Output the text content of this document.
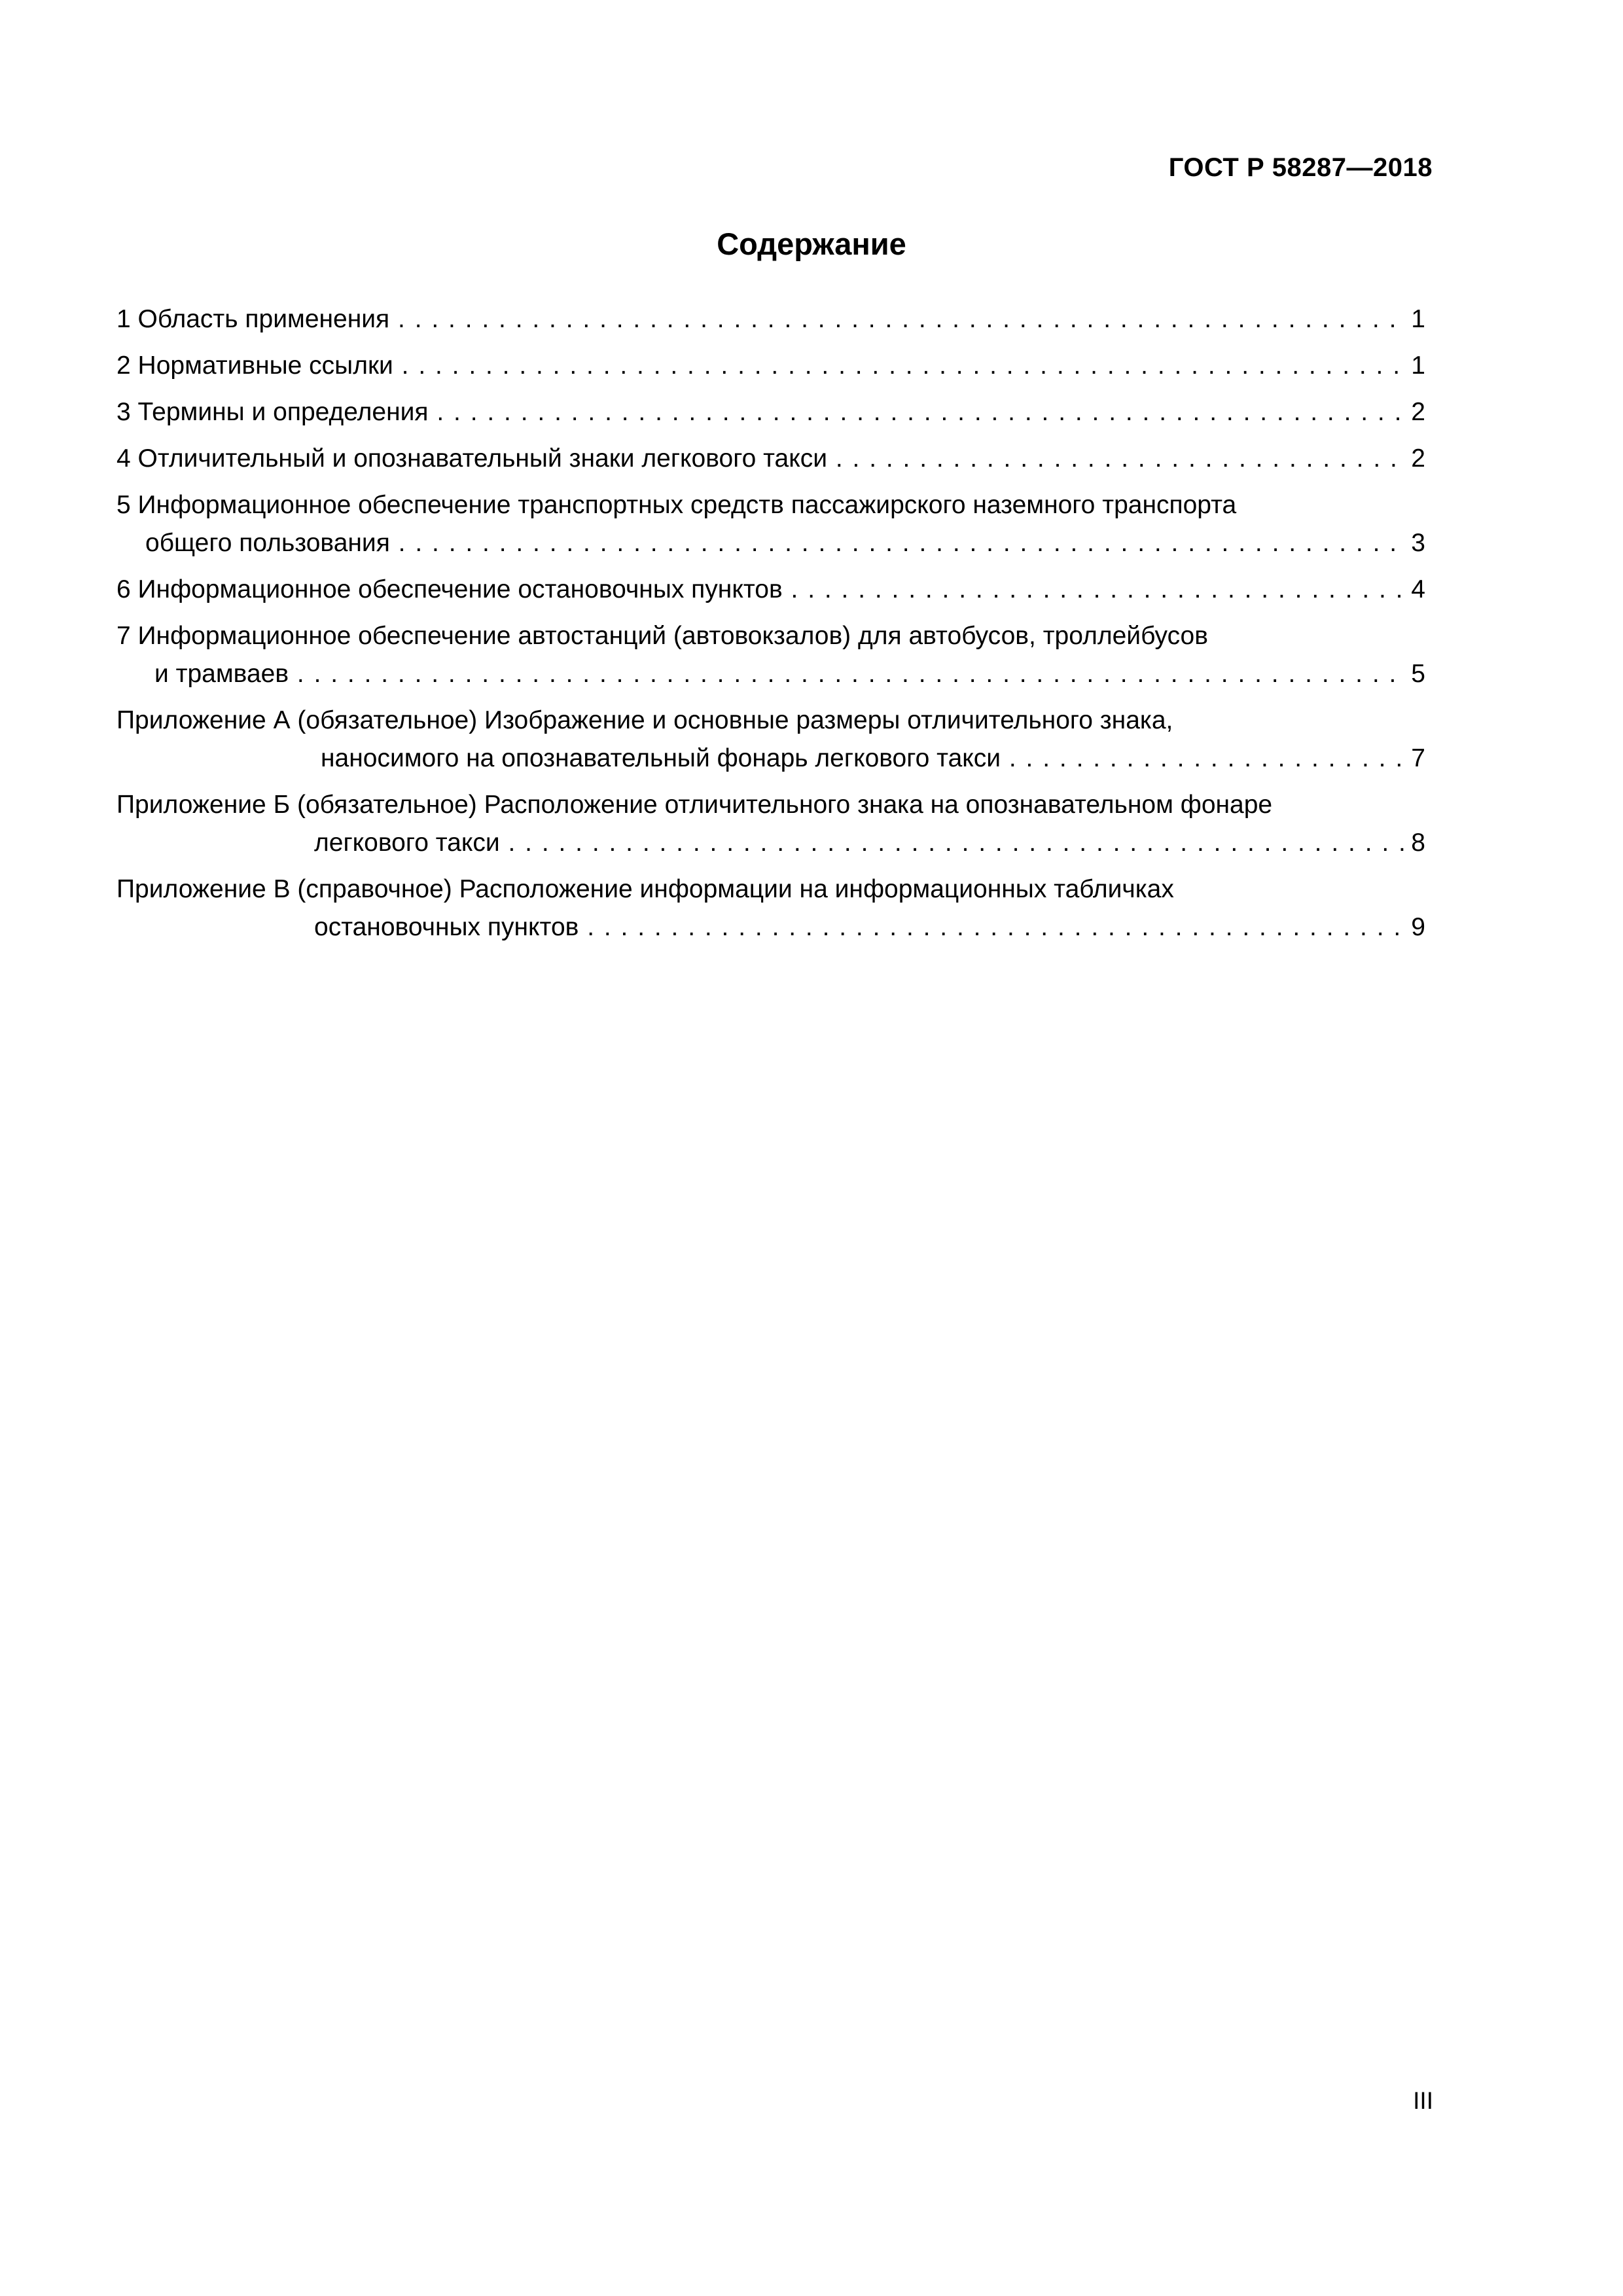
ГОСТ Р 58287—2018
Содержание
1 Область применения . . .	1
2 Нормативные ссылки . . .	1
3 Термины и определения . . .	2
4 Отличительный и опознавательный знаки легкового такси . . .	2
5 Информационное обеспечение транспортных средств пассажирского наземного транспорта
общего пользования . . .	3
6 Информационное обеспечение остановочных пунктов . . .	4
7 Информационное обеспечение автостанций (автовокзалов) для автобусов, троллейбусов
и трамваев . . .	5
Приложение А (обязательное) Изображение и основные размеры отличительного знака,
наносимого на опознавательный фонарь легкового такси . . .	7
Приложение Б (обязательное) Расположение отличительного знака на опознавательном фонаре
легкового такси . . .	8
Приложение В (справочное) Расположение информации на информационных табличках
остановочных пунктов . . .	9
III
